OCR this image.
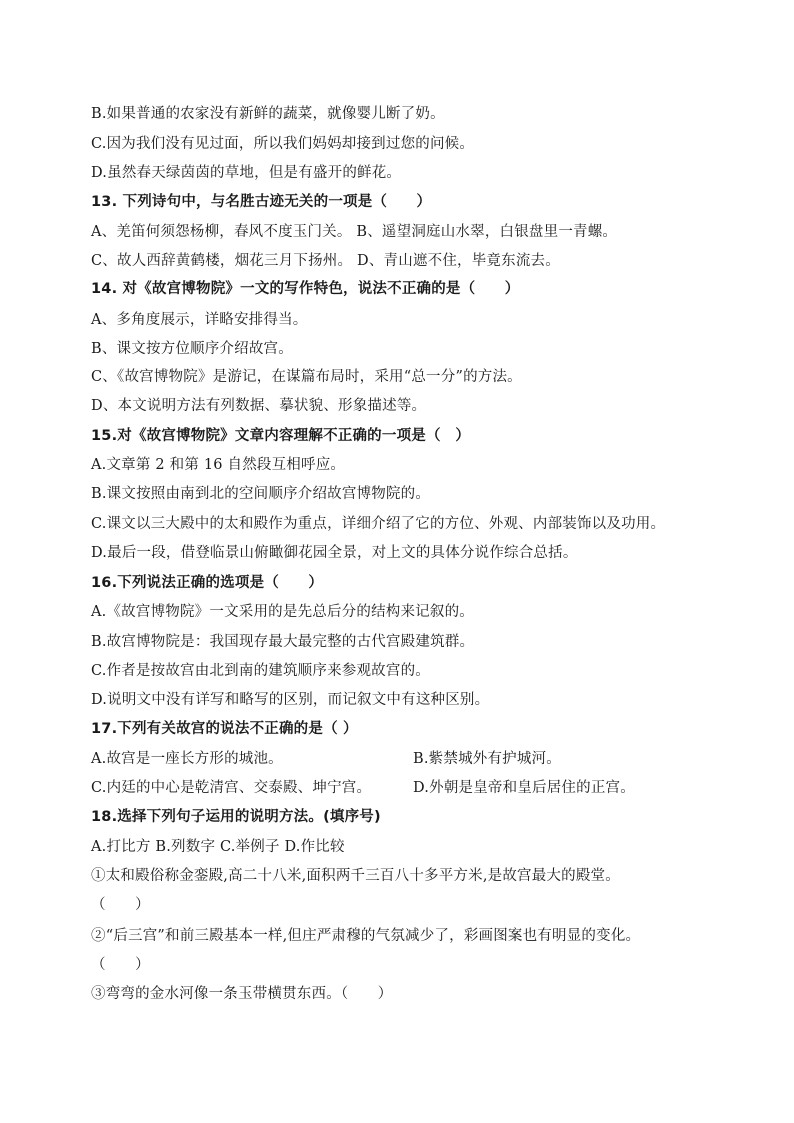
B.如果普通的农家没有新鲜的蔬菜，就像婴儿断了奶。
C.因为我们没有见过面，所以我们妈妈却接到过您的问候。
D.虽然春天绿茵茵的草地，但是有盛开的鲜花。
13. 下列诗句中，与名胜古迹无关的一项是（　　）
A、羌笛何须怨杨柳，春风不度玉门关。 B、遥望洞庭山水翠，白银盘里一青螺。
C、故人西辞黄鹤楼，烟花三月下扬州。 D、青山遮不住，毕竟东流去。
14. 对《故宫博物院》一文的写作特色，说法不正确的是（　　）
A、多角度展示，详略安排得当。
B、课文按方位顺序介绍故宫。
C、《故宫博物院》是游记，在谋篇布局时，采用“总一分”的方法。
D、本文说明方法有列数据、摹状貌、形象描述等。
15.对《故宫博物院》文章内容理解不正确的一项是（　）
A.文章第 2 和第 16 自然段互相呼应。
B.课文按照由南到北的空间顺序介绍故宫博物院的。
C.课文以三大殿中的太和殿作为重点，详细介绍了它的方位、外观、内部装饰以及功用。
D.最后一段，借登临景山俯瞰御花园全景，对上文的具体分说作综合总括。
16.下列说法正确的选项是（　　）
A.《故宫博物院》一文采用的是先总后分的结构来记叙的。
B.故宫博物院是：我国现存最大最完整的古代宫殿建筑群。
C.作者是按故宫由北到南的建筑顺序来参观故宫的。
D.说明文中没有详写和略写的区别，而记叙文中有这种区别。
17.下列有关故宫的说法不正确的是（ ）
A.故宫是一座长方形的城池。	B.紫禁城外有护城河。
C.内廷的中心是乾清宫、交泰殿、坤宁宫。	D.外朝是皇帝和皇后居住的正宫。
18.选择下列句子运用的说明方法。(填序号)
A.打比方 B.列数字 C.举例子 D.作比较
①太和殿俗称金銮殿,高二十八米,面积两千三百八十多平方米,是故宫最大的殿堂。
（　　）
②“后三宫”和前三殿基本一样,但庄严肃穆的气氛减少了，彩画图案也有明显的变化。
（　　）
③弯弯的金水河像一条玉带横贯东西。（　　）
